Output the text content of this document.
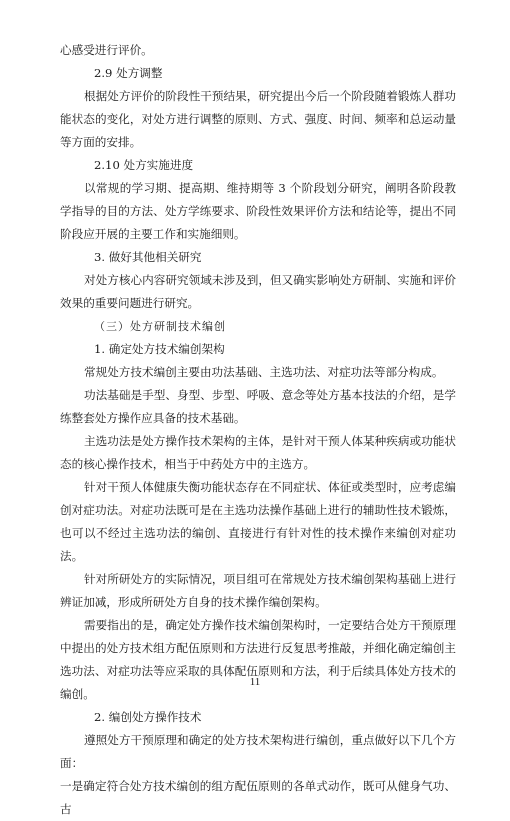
心感受进行评价。

2.9 处方调整

根据处方评价的阶段性干预结果，研究提出今后一个阶段随着锻炼人群功能状态的变化，对处方进行调整的原则、方式、强度、时间、频率和总运动量等方面的安排。

2.10 处方实施进度

以常规的学习期、提高期、维持期等 3 个阶段划分研究，阐明各阶段教学指导的目的方法、处方学练要求、阶段性效果评价方法和结论等，提出不同阶段应开展的主要工作和实施细则。

3. 做好其他相关研究

对处方核心内容研究领域未涉及到，但又确实影响处方研制、实施和评价效果的重要问题进行研究。

（三）处方研制技术编创

1. 确定处方技术编创架构

常规处方技术编创主要由功法基础、主选功法、对症功法等部分构成。

功法基础是手型、身型、步型、呼吸、意念等处方基本技法的介绍，是学练整套处方操作应具备的技术基础。

主选功法是处方操作技术架构的主体，是针对干预人体某种疾病或功能状态的核心操作技术，相当于中药处方中的主选方。

针对干预人体健康失衡功能状态存在不同症状、体征或类型时，应考虑编创对症功法。对症功法既可是在主选功法操作基础上进行的辅助性技术锻炼，也可以不经过主选功法的编创、直接进行有针对性的技术操作来编创对症功法。

针对所研处方的实际情况，项目组可在常规处方技术编创架构基础上进行辨证加减，形成所研处方自身的技术操作编创架构。

需要指出的是，确定处方操作技术编创架构时，一定要结合处方干预原理中提出的处方技术组方配伍原则和方法进行反复思考推敲，并细化确定编创主选功法、对症功法等应采取的具体配伍原则和方法，利于后续具体处方技术的编创。

2. 编创处方操作技术

遵照处方干预原理和确定的处方技术架构进行编创，重点做好以下几个方面：

一是确定符合处方技术编创的组方配伍原则的各单式动作，既可从健身气功、古

11
